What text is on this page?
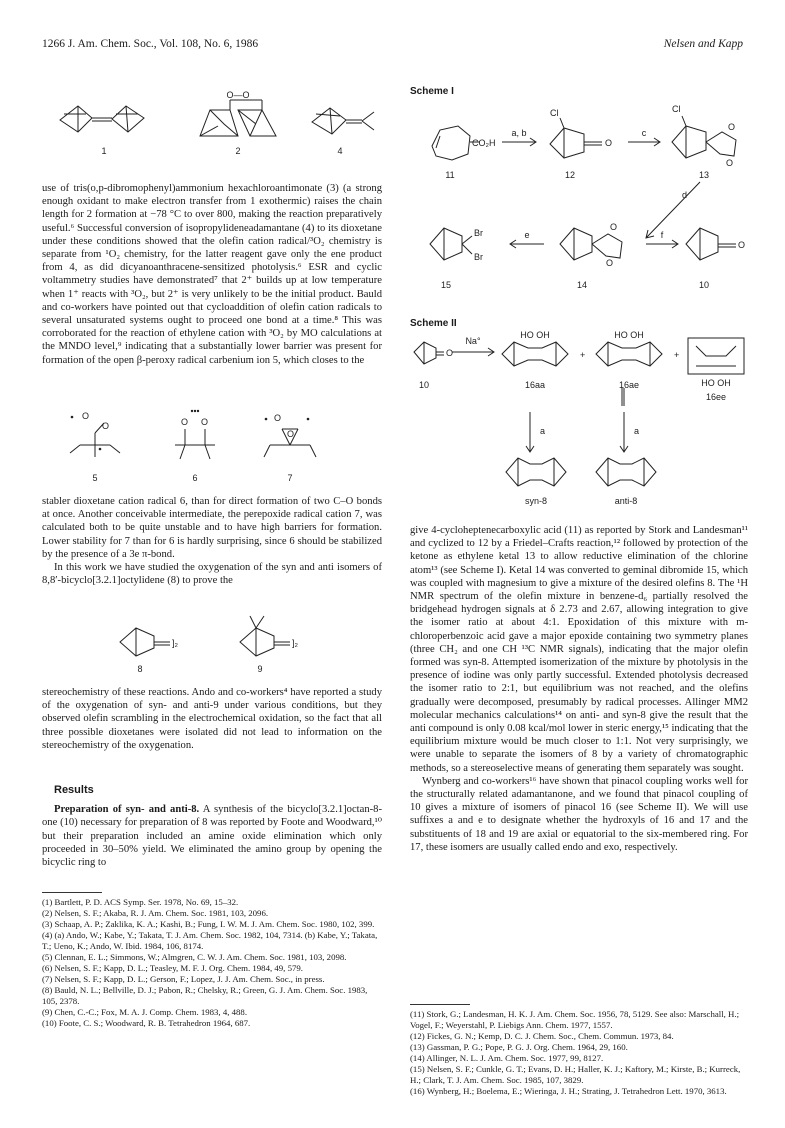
1266 J. Am. Chem. Soc., Vol. 108, No. 6, 1986	Nelsen and Kapp
O—O
1	2	4

use of tris(o,p-dibromophenyl)ammonium hexachloroantimonate (3) (a strong enough oxidant to make electron transfer from 1 exothermic) raises the chain length for 2 formation at −78 °C to over 800, making the reaction preparatively useful.⁶ Successful conversion of isopropylideneadamantane (4) to its dioxetane under these conditions showed that the olefin cation radical/³O₂ chemistry is separate from ¹O₂ chemistry, for the latter reagent gave only the ene product from 4, as did dicyanoanthracene-sensitized photolysis.⁶ ESR and cyclic voltammetry studies have demonstrated⁷ that 2⁺ builds up at low temperature when 1⁺ reacts with ³O₂, but 2⁺ is very unlikely to be the initial product. Bauld and co-workers have pointed out that cycloaddition of olefin cation radicals to several unsaturated systems ought to proceed one bond at a time.⁸ This was corroborated for the reaction of ethylene cation with ³O₂ by MO calculations at the MNDO level,⁹ indicating that a substantially lower barrier was present for formation of the open β-peroxy radical carbenium ion 5, which closes to the

O
O	O O	O
O
5	6	7

stabler dioxetane cation radical 6, than for direct formation of two C–O bonds at once. Another conceivable intermediate, the perepoxide radical cation 7, was calculated both to be quite unstable and to have high barriers for formation. Lower stability for 7 than for 6 is hardly surprising, since 6 should be stabilized by the presence of a 3e π-bond.

In this work we have studied the oxygenation of the syn and anti isomers of 8,8′-bicyclo[3.2.1]octylidene (8) to prove the

]₂	]₂
8	9

stereochemistry of these reactions. Ando and co-workers⁴ have reported a study of the oxygenation of syn- and anti-9 under various conditions, but they observed olefin scrambling in the electrochemical oxidation, so the fact that all three possible dioxetanes were isolated did not lead to information on the stereochemistry of the oxygenation.

Results

Preparation of syn- and anti-8. A synthesis of the bicyclo[3.2.1]octan-8-one (10) necessary for preparation of 8 was reported by Foote and Woodward,¹⁰ but their preparation included an amine oxide elimination which only proceeded in 30–50% yield. We eliminated the amino group by opening the bicyclic ring to

(1) Bartlett, P. D. ACS Symp. Ser. 1978, No. 69, 15–32.
(2) Nelsen, S. F.; Akaba, R. J. Am. Chem. Soc. 1981, 103, 2096.
(3) Schaap, A. P.; Zaklika, K. A.; Kashi, B.; Fung, I. W. M. J. Am. Chem. Soc. 1980, 102, 399.
(4) (a) Ando, W.; Kabe, Y.; Takata, T. J. Am. Chem. Soc. 1982, 104, 7314. (b) Kabe, Y.; Takata, T.; Ueno, K.; Ando, W. Ibid. 1984, 106, 8174.
(5) Clennan, E. L.; Simmons, W.; Almgren, C. W. J. Am. Chem. Soc. 1981, 103, 2098.
(6) Nelsen, S. F.; Kapp, D. L.; Teasley, M. F. J. Org. Chem. 1984, 49, 579.
(7) Nelsen, S. F.; Kapp, D. L.; Gerson, F.; Lopez, J. J. Am. Chem. Soc., in press.
(8) Bauld, N. L.; Bellville, D. J.; Pabon, R.; Chelsky, R.; Green, G. J. Am. Chem. Soc. 1983, 105, 2378.
(9) Chen, C.-C.; Fox, M. A. J. Comp. Chem. 1983, 4, 488.
(10) Foote, C. S.; Woodward, R. B. Tetrahedron 1964, 687.
Scheme I
CO₂H
a, b
Cl
O
c
Cl
O
O
11	12	13
d
Br
Br
e
O
O
f
O
15	14	10
Scheme II
O
Na°
HO OH
+
HO OH
+
HO OH
10	16aa	16ae
16ee
a	a
syn-8	anti-8

give 4-cycloheptenecarboxylic acid (11) as reported by Stork and Landesman¹¹ and cyclized to 12 by a Friedel–Crafts reaction,¹² followed by protection of the ketone as ethylene ketal 13 to allow reductive elimination of the chlorine atom¹³ (see Scheme I). Ketal 14 was converted to geminal dibromide 15, which was coupled with magnesium to give a mixture of the desired olefins 8. The ¹H NMR spectrum of the olefin mixture in benzene-d₆ partially resolved the bridgehead hydrogen signals at δ 2.73 and 2.67, allowing integration to give the isomer ratio at about 4:1. Epoxidation of this mixture with m-chloroperbenzoic acid gave a major epoxide containing two symmetry planes (three CH₂ and one CH ¹³C NMR signals), indicating that the major olefin formed was syn-8. Attempted isomerization of the mixture by photolysis in the presence of iodine was only partly successful. Extended photolysis decreased the isomer ratio to 2:1, but equilibrium was not reached, and the olefins gradually were decomposed, presumably by radical processes. Allinger MM2 molecular mechanics calculations¹⁴ on anti- and syn-8 give the result that the anti compound is only 0.08 kcal/mol lower in steric energy,¹⁵ indicating that the equilibrium mixture would be much closer to 1:1. Not very surprisingly, we were unable to separate the isomers of 8 by a variety of chromatographic methods, so a stereoselective means of generating them separately was sought.

Wynberg and co-workers¹⁶ have shown that pinacol coupling works well for the structurally related adamantanone, and we found that pinacol coupling of 10 gives a mixture of isomers of pinacol 16 (see Scheme II). We will use suffixes a and e to designate whether the hydroxyls of 16 and 17 and the substituents of 18 and 19 are axial or equatorial to the six-membered ring. For 17, these isomers are usually called endo and exo, respectively.

(11) Stork, G.; Landesman, H. K. J. Am. Chem. Soc. 1956, 78, 5129. See also: Marschall, H.; Vogel, F.; Weyerstahl, P. Liebigs Ann. Chem. 1977, 1557.
(12) Fickes, G. N.; Kemp, D. C. J. Chem. Soc., Chem. Commun. 1973, 84.
(13) Gassman, P. G.; Pope, P. G. J. Org. Chem. 1964, 29, 160.
(14) Allinger, N. L. J. Am. Chem. Soc. 1977, 99, 8127.
(15) Nelsen, S. F.; Cunkle, G. T.; Evans, D. H.; Haller, K. J.; Kaftory, M.; Kirste, B.; Kurreck, H.; Clark, T. J. Am. Chem. Soc. 1985, 107, 3829.
(16) Wynberg, H.; Boelema, E.; Wieringa, J. H.; Strating, J. Tetrahedron Lett. 1970, 3613.
